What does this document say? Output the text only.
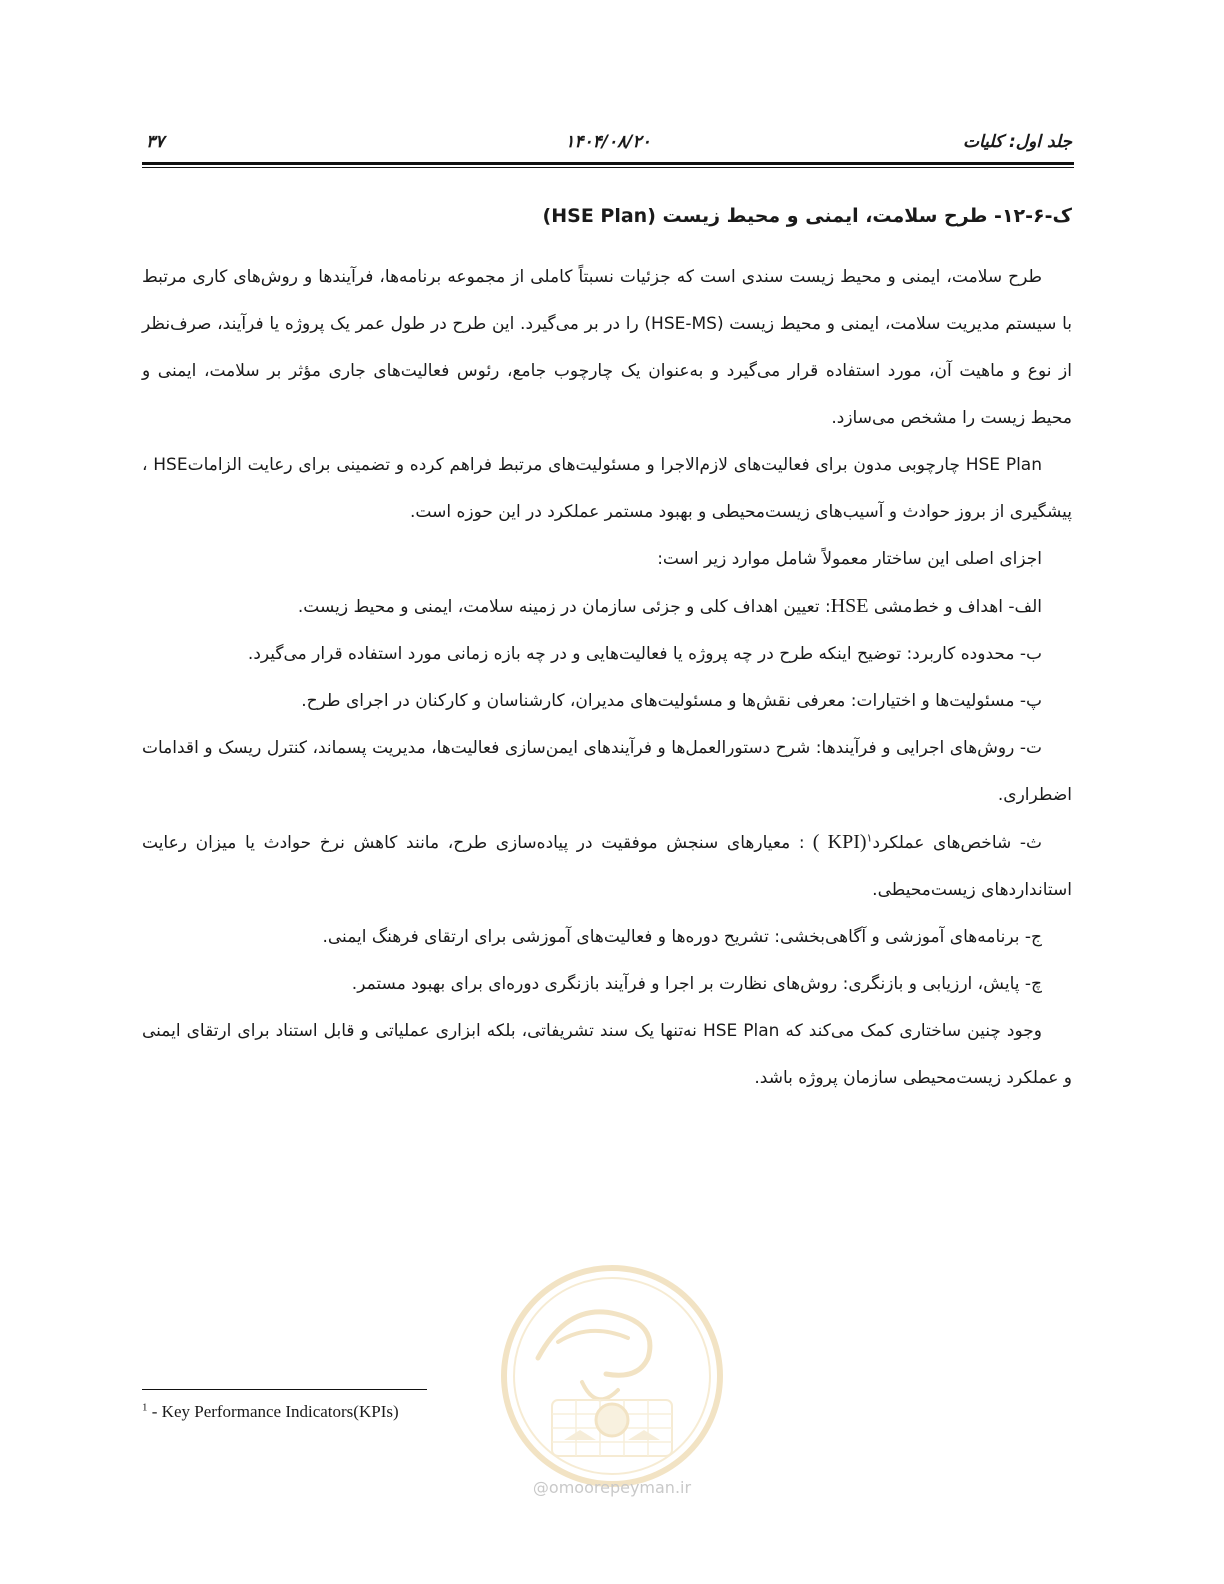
۳۷	۱۴۰۴/۰۸/۲۰	جلد اول: کلیات
ک-۶-۱۲- طرح سلامت، ایمنی و محیط زیست (HSE Plan)

طرح سلامت، ایمنی و محیط زیست سندی است که جزئیات نسبتاً کاملی از مجموعه برنامه‌ها، فرآیندها و روش‌های کاری مرتبط با سیستم مدیریت سلامت، ایمنی و محیط زیست (HSE-MS) را در بر می‌گیرد. این طرح در طول عمر یک پروژه یا فرآیند، صرف‌نظر از نوع و ماهیت آن، مورد استفاده قرار می‌گیرد و به‌عنوان یک چارچوب جامع، رئوس فعالیت‌های جاری مؤثر بر سلامت، ایمنی و محیط زیست را مشخص می‌سازد.

HSE Plan چارچوبی مدون برای فعالیت‌های لازم‌الاجرا و مسئولیت‌های مرتبط فراهم کرده و تضمینی برای رعایت الزاماتHSE ، پیشگیری از بروز حوادث و آسیب‌های زیست‌محیطی و بهبود مستمر عملکرد در این حوزه است.

اجزای اصلی این ساختار معمولاً شامل موارد زیر است:

الف- اهداف و خط‌مشی HSE: تعیین اهداف کلی و جزئی سازمان در زمینه سلامت، ایمنی و محیط زیست.

ب- محدوده کاربرد: توضیح اینکه طرح در چه پروژه یا فعالیت‌هایی و در چه بازه زمانی مورد استفاده قرار می‌گیرد.

پ- مسئولیت‌ها و اختیارات: معرفی نقش‌ها و مسئولیت‌های مدیران، کارشناسان و کارکنان در اجرای طرح.

ت- روش‌های اجرایی و فرآیندها: شرح دستورالعمل‌ها و فرآیندهای ایمن‌سازی فعالیت‌ها، مدیریت پسماند، کنترل ریسک و اقدامات اضطراری.

ث- شاخص‌های عملکرد$^۱$ ( KPI): معیارهای سنجش موفقیت در پیاده‌سازی طرح، مانند کاهش نرخ حوادث یا میزان رعایت استانداردهای زیست‌محیطی.

ج- برنامه‌های آموزشی و آگاهی‌بخشی: تشریح دوره‌ها و فعالیت‌های آموزشی برای ارتقای فرهنگ ایمنی.

چ- پایش، ارزیابی و بازنگری: روش‌های نظارت بر اجرا و فرآیند بازنگری دوره‌ای برای بهبود مستمر.

وجود چنین ساختاری کمک می‌کند که HSE Plan نه‌تنها یک سند تشریفاتی، بلکه ابزاری عملیاتی و قابل استناد برای ارتقای ایمنی و عملکرد زیست‌محیطی سازمان پروژه باشد.

@omoorepeyman.ir
$^1$ - Key Performance Indicators(KPIs)
